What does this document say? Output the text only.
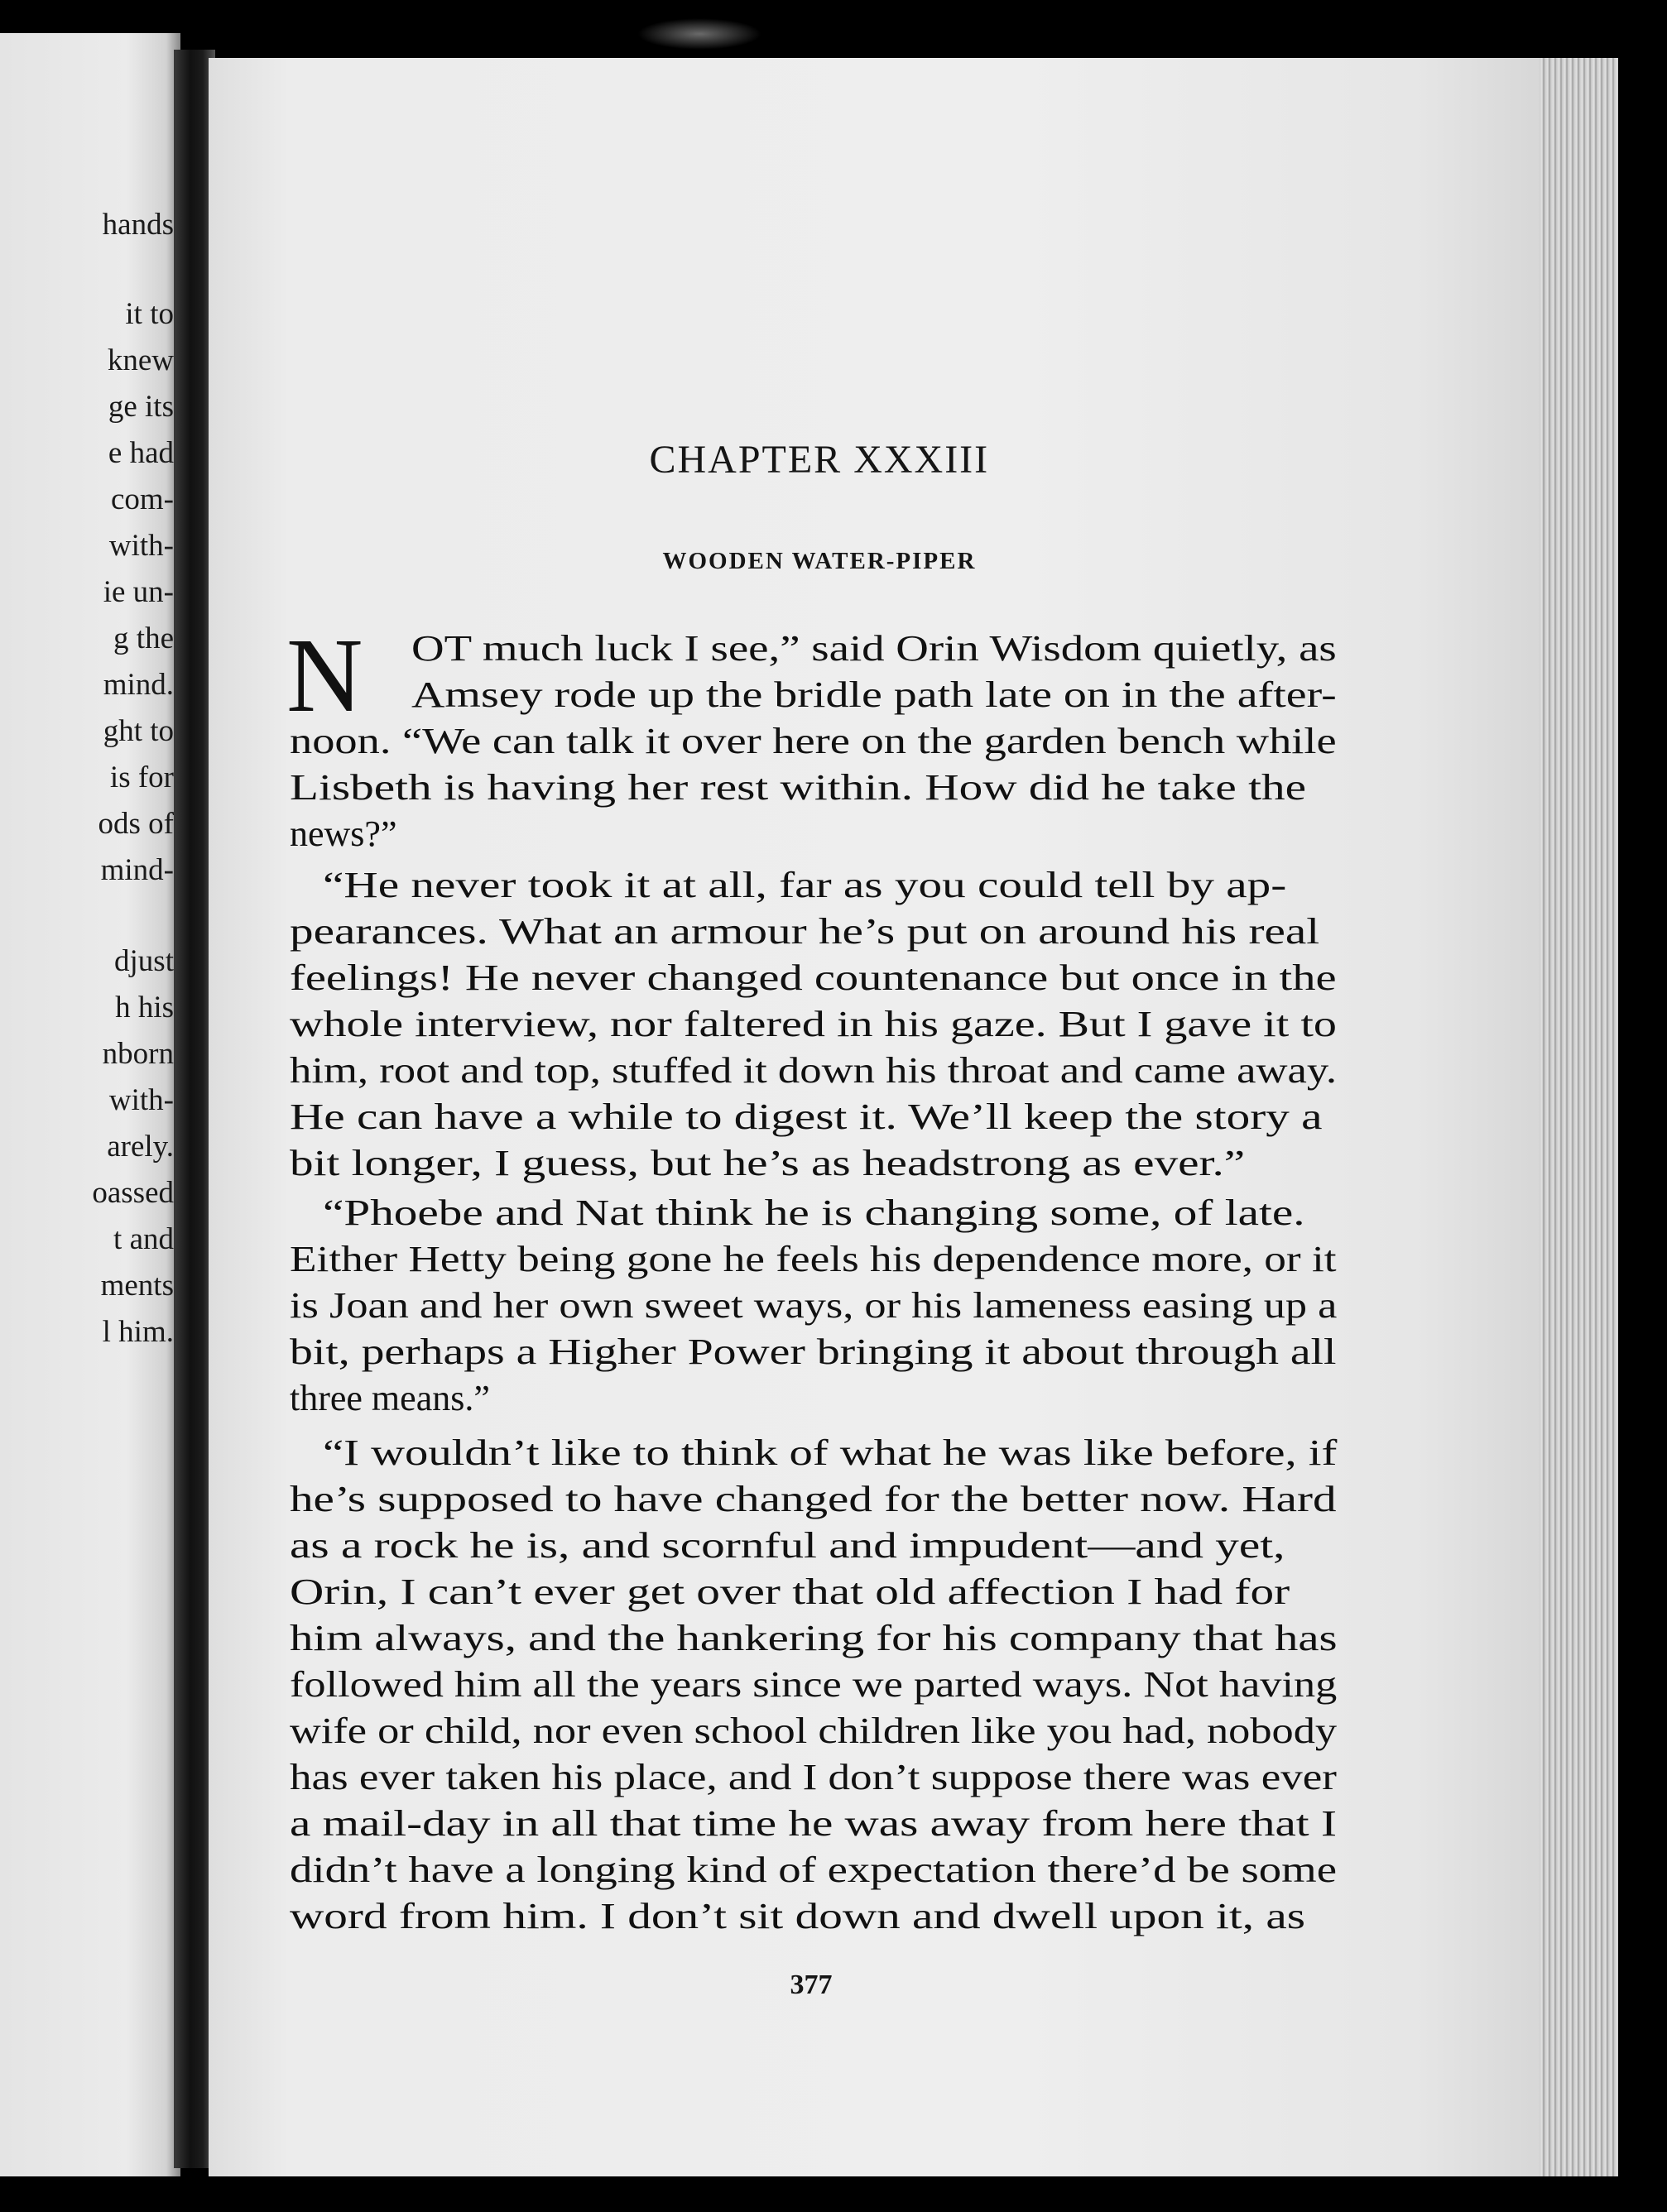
hands
it to
knew
ge its
e had
com-
with-
ie un-
g the
mind.
ght to
is for
ods of
mind-
djust
h his
nborn
with-
arely.
oassed
t and
ments
l him.
CHAPTER XXXIII
WOODEN WATER-PIPER
N OT much luck I see,” said Orin Wisdom quietly, as
Amsey rode up the bridle path late on in the after-
noon. “We can talk it over here on the garden bench while
Lisbeth is having her rest within. How did he take the
news?”
“He never took it at all, far as you could tell by ap-
pearances. What an armour he’s put on around his real
feelings! He never changed countenance but once in the
whole interview, nor faltered in his gaze. But I gave it to
him, root and top, stuffed it down his throat and came away.
He can have a while to digest it. We’ll keep the story a
bit longer, I guess, but he’s as headstrong as ever.”
“Phoebe and Nat think he is changing some, of late.
Either Hetty being gone he feels his dependence more, or it
is Joan and her own sweet ways, or his lameness easing up a
bit, perhaps a Higher Power bringing it about through all
three means.”
“I wouldn’t like to think of what he was like before, if
he’s supposed to have changed for the better now. Hard
as a rock he is, and scornful and impudent—and yet,
Orin, I can’t ever get over that old affection I had for
him always, and the hankering for his company that has
followed him all the years since we parted ways. Not having
wife or child, nor even school children like you had, nobody
has ever taken his place, and I don’t suppose there was ever
a mail-day in all that time he was away from here that I
didn’t have a longing kind of expectation there’d be some
word from him. I don’t sit down and dwell upon it, as
377
